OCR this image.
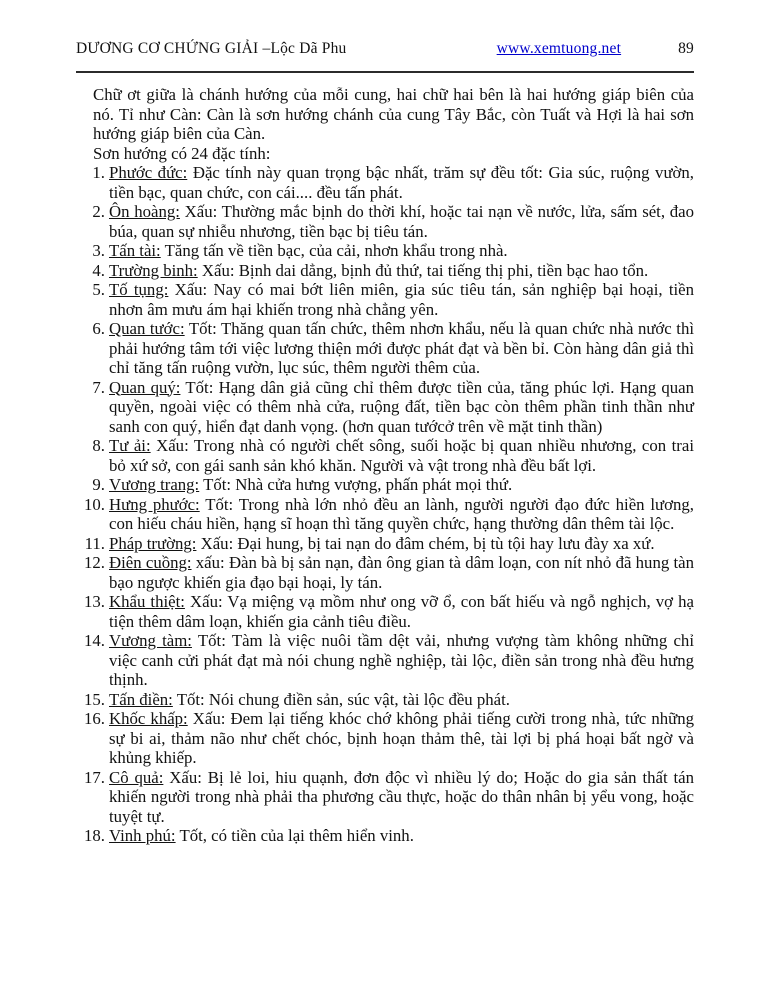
DƯƠNG CƠ CHỨNG GIẢI –Lộc Dã Phu	www.xemtuong.net	89

Chữ ơt giữa là chánh hướng của mỗi cung, hai chữ hai bên là hai hướng giáp biên của nó. Tỉ như Càn: Càn là sơn hướng chánh của cung Tây Bắc, còn Tuất và Hợi là hai sơn hướng giáp biên của Càn.

Sơn hướng có 24 đặc tính:

1. Phước đức: Đặc tính này quan trọng bậc nhất, trăm sự đều tốt: Gia súc, ruộng vườn, tiền bạc, quan chức, con cái.... đều tấn phát.
2. Ôn hoàng: Xấu: Thường mắc bịnh do thời khí, hoặc tai nạn về nước, lửa, sấm sét, đao búa, quan sự nhiễu nhương, tiền bạc bị tiêu tán.
3. Tấn tài: Tăng tấn về tiền bạc, của cải, nhơn khẩu trong nhà.
4. Trường binh: Xấu: Bịnh dai dẳng, bịnh đủ thứ, tai tiếng thị phi, tiền bạc hao tổn.
5. Tố tụng: Xấu: Nay có mai bớt liên miên, gia súc tiêu tán, sản nghiệp bại hoại, tiền nhơn âm mưu ám hại khiến trong nhà chẳng yên.
6. Quan tước: Tốt: Thăng quan tấn chức, thêm nhơn khẩu, nếu là quan chức nhà nước thì phải hướng tâm tới việc lương thiện mới được phát đạt và bền bỉ. Còn hàng dân giả thì chỉ tăng tấn ruộng vườn, lục súc, thêm người thêm của.
7. Quan quý: Tốt: Hạng dân giả cũng chỉ thêm được tiền của, tăng phúc lợi. Hạng quan quyền, ngoài việc có thêm nhà cửa, ruộng đất, tiền bạc còn thêm phần tinh thần như sanh con quý, hiển đạt danh vọng. (hơn quan tướcở trên về mặt tinh thần)
8. Tư ải: Xấu: Trong nhà có người chết sông, suối hoặc bị quan nhiều nhương, con trai bỏ xứ sở, con gái sanh sản khó khăn. Người và vật trong nhà đều bất lợi.
9. Vương trang: Tốt: Nhà cửa hưng vượng, phấn phát mọi thứ.
10. Hưng phước: Tốt: Trong nhà lớn nhỏ đều an lành, người người đạo đức hiền lương, con hiếu cháu hiền, hạng sĩ hoạn thì tăng quyền chức, hạng thường dân thêm tài lộc.
11. Pháp trường: Xấu: Đại hung, bị tai nạn do đâm chém, bị tù tội hay lưu đày xa xứ.
12. Điên cuồng: xấu: Đàn bà bị sản nạn, đàn ông gian tà dâm loạn, con nít nhỏ đã hung tàn bạo ngược khiến gia đạo bại hoại, ly tán.
13. Khẩu thiệt: Xấu: Vạ miệng vạ mồm như ong vỡ ổ, con bất hiếu và ngỗ nghịch, vợ hạ tiện thêm dâm loạn, khiến gia cảnh tiêu điều.
14. Vương tàm: Tốt: Tàm là việc nuôi tầm dệt vải, nhưng vượng tàm không những chỉ việc canh cửi phát đạt mà nói chung nghề nghiệp, tài lộc, điền sản trong nhà đều hưng thịnh.
15. Tấn điền: Tốt: Nói chung điền sản, súc vật, tài lộc đều phát.
16. Khốc khấp: Xấu: Đem lại tiếng khóc chớ không phải tiếng cười trong nhà, tức những sự bi ai, thảm não như chết chóc, bịnh hoạn thảm thê, tài lợi bị phá hoại bất ngờ và khủng khiếp.
17. Cô quả: Xấu: Bị lẻ loi, hiu quạnh, đơn độc vì nhiều lý do; Hoặc do gia sản thất tán khiến người trong nhà phải tha phương cầu thực, hoặc do thân nhân bị yểu vong, hoặc tuyệt tự.
18. Vinh phú: Tốt, có tiền của lại thêm hiển vinh.
